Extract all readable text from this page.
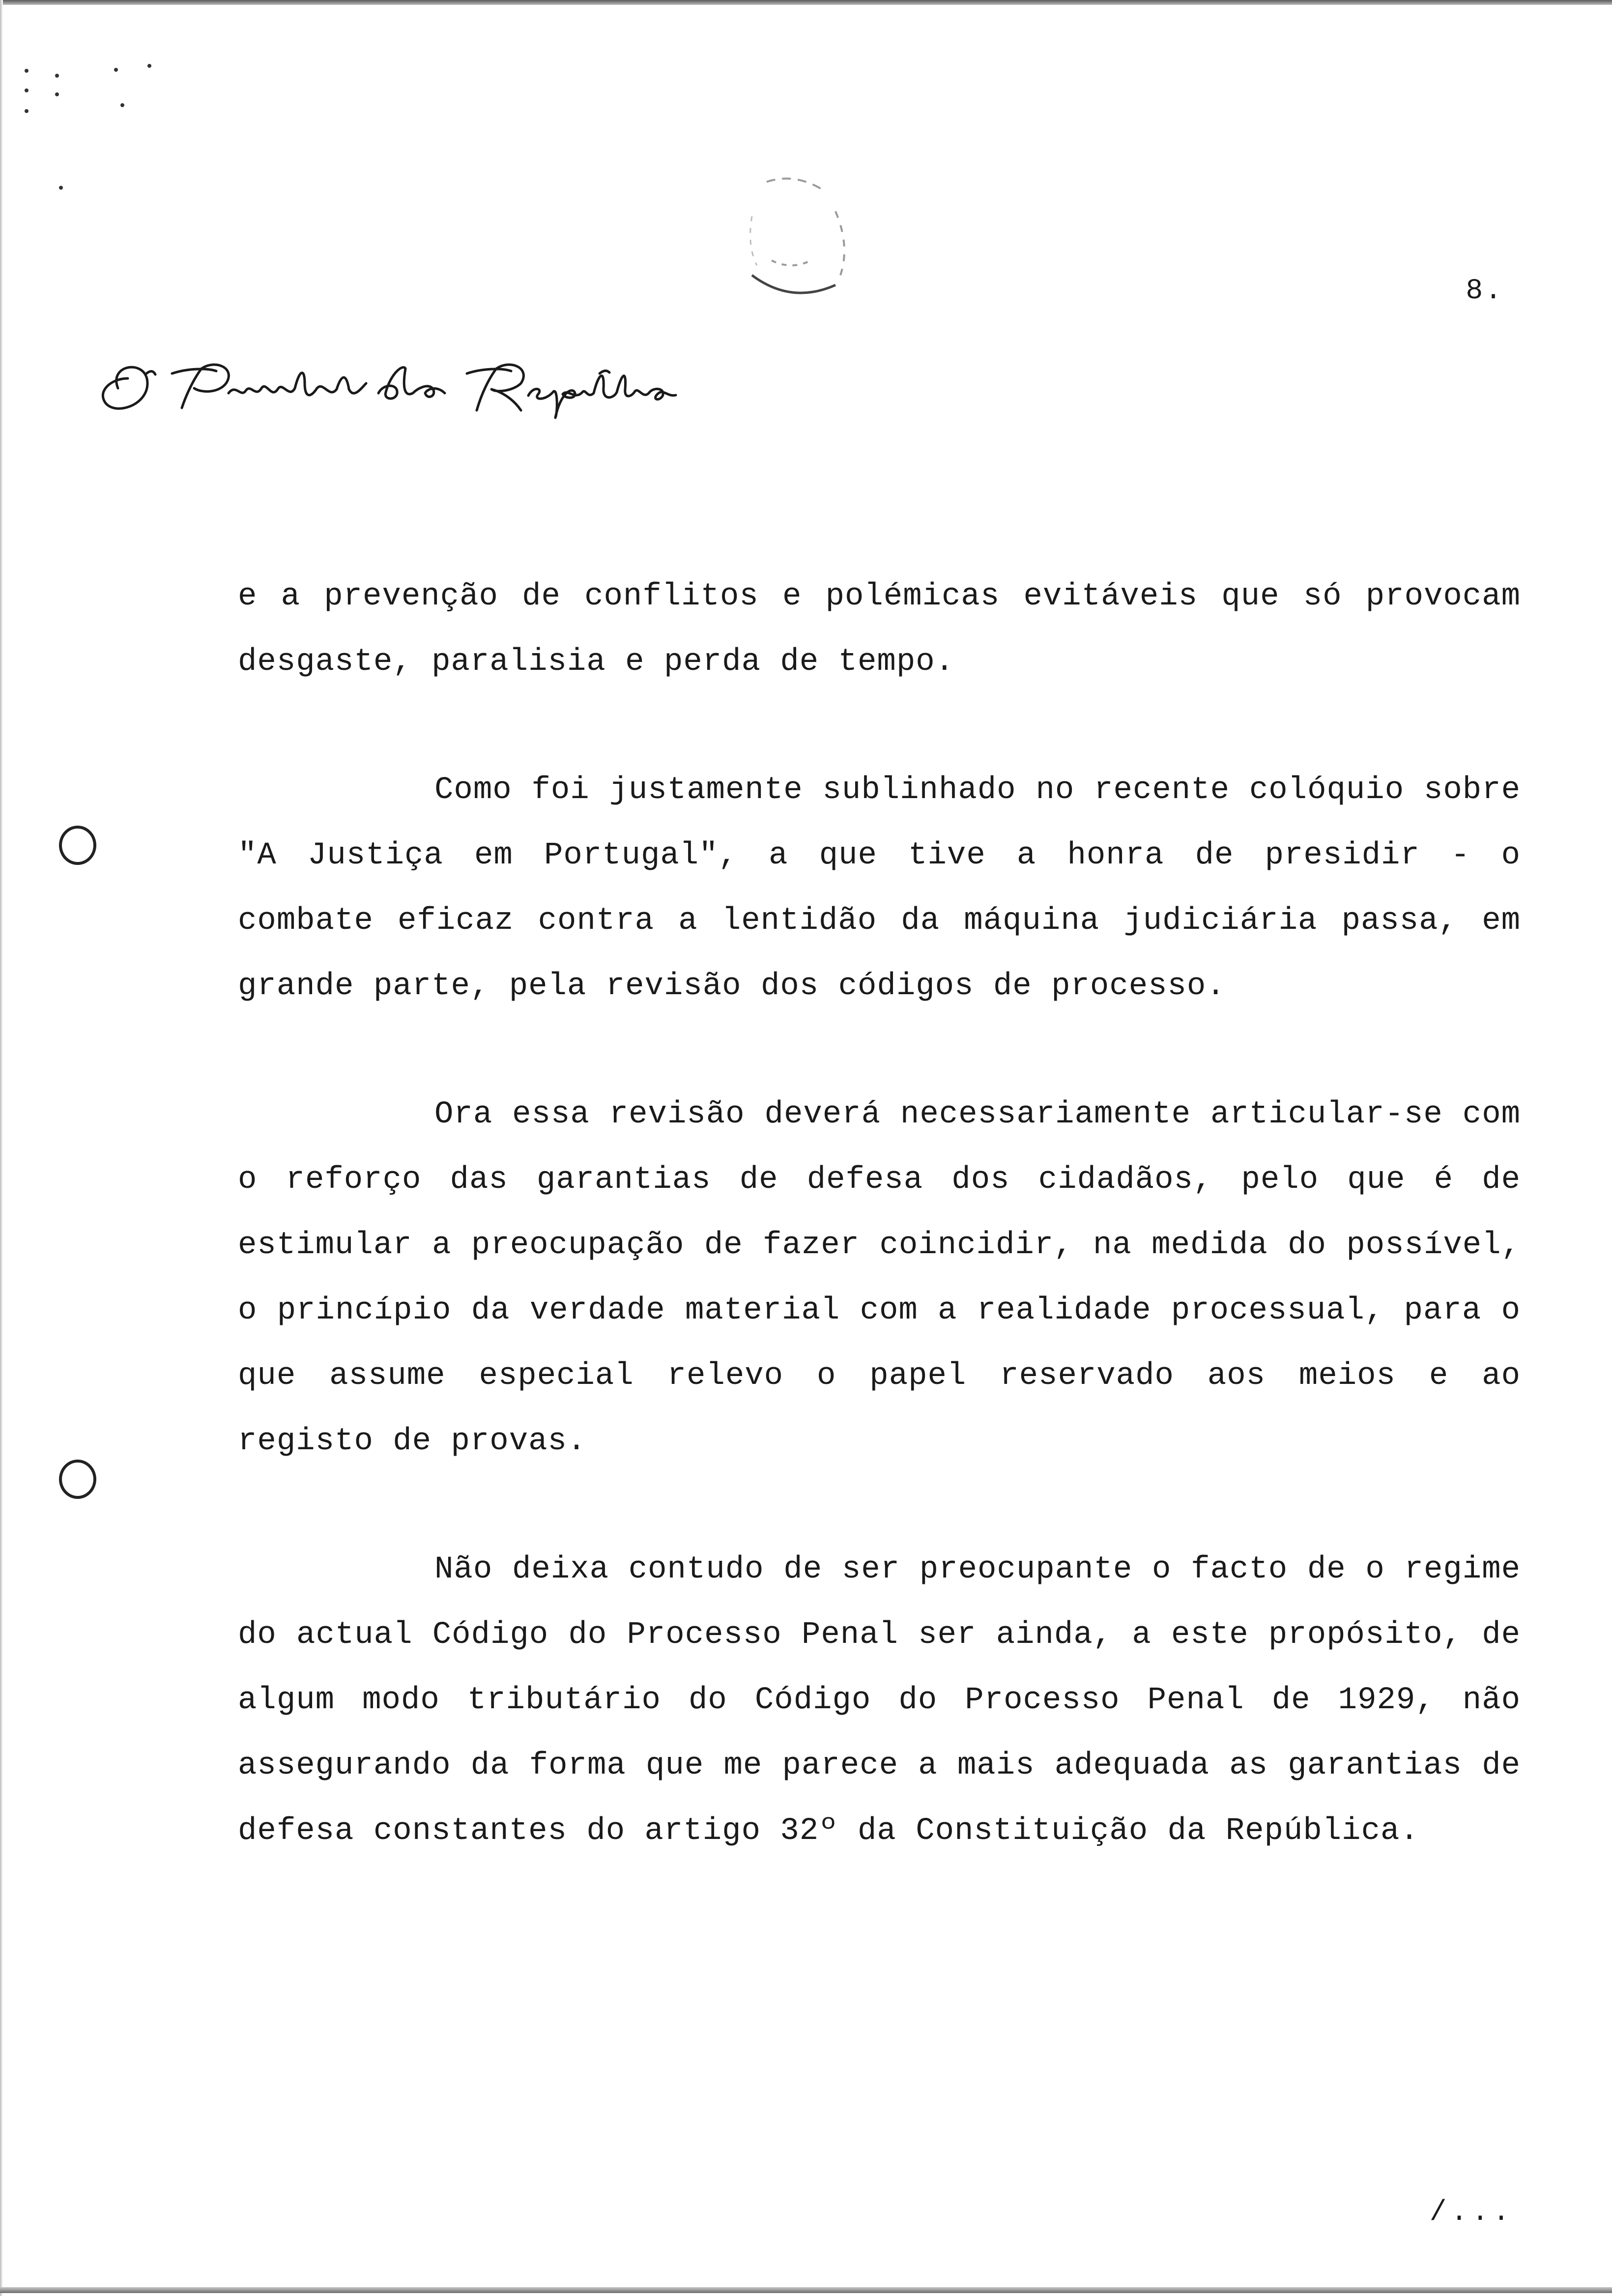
8.

e a prevenção de conflitos e polémicas evitáveis que só provocam desgaste, paralisia e perda de tempo.

Como foi justamente sublinhado no recente colóquio sobre "A Justiça em Portugal", a que tive a honra de presidir - o combate eficaz contra a lentidão da máquina judiciária passa, em grande parte, pela revisão dos códigos de processo.

Ora essa revisão deverá necessariamente articular-se com o reforço das garantias de defesa dos cidadãos, pelo que é de estimular a preocupação de fazer coincidir, na medida do possível, o princípio da verdade material com a realidade processual, para o que assume especial relevo o papel reservado aos meios e ao registo de provas.

Não deixa contudo de ser preocupante o facto de o regime do actual Código do Processo Penal ser ainda, a este propósito, de algum modo tributário do Código do Processo Penal de 1929, não assegurando da forma que me parece a mais adequada as garantias de defesa constantes do artigo 32º da Constituição da República.

/...
